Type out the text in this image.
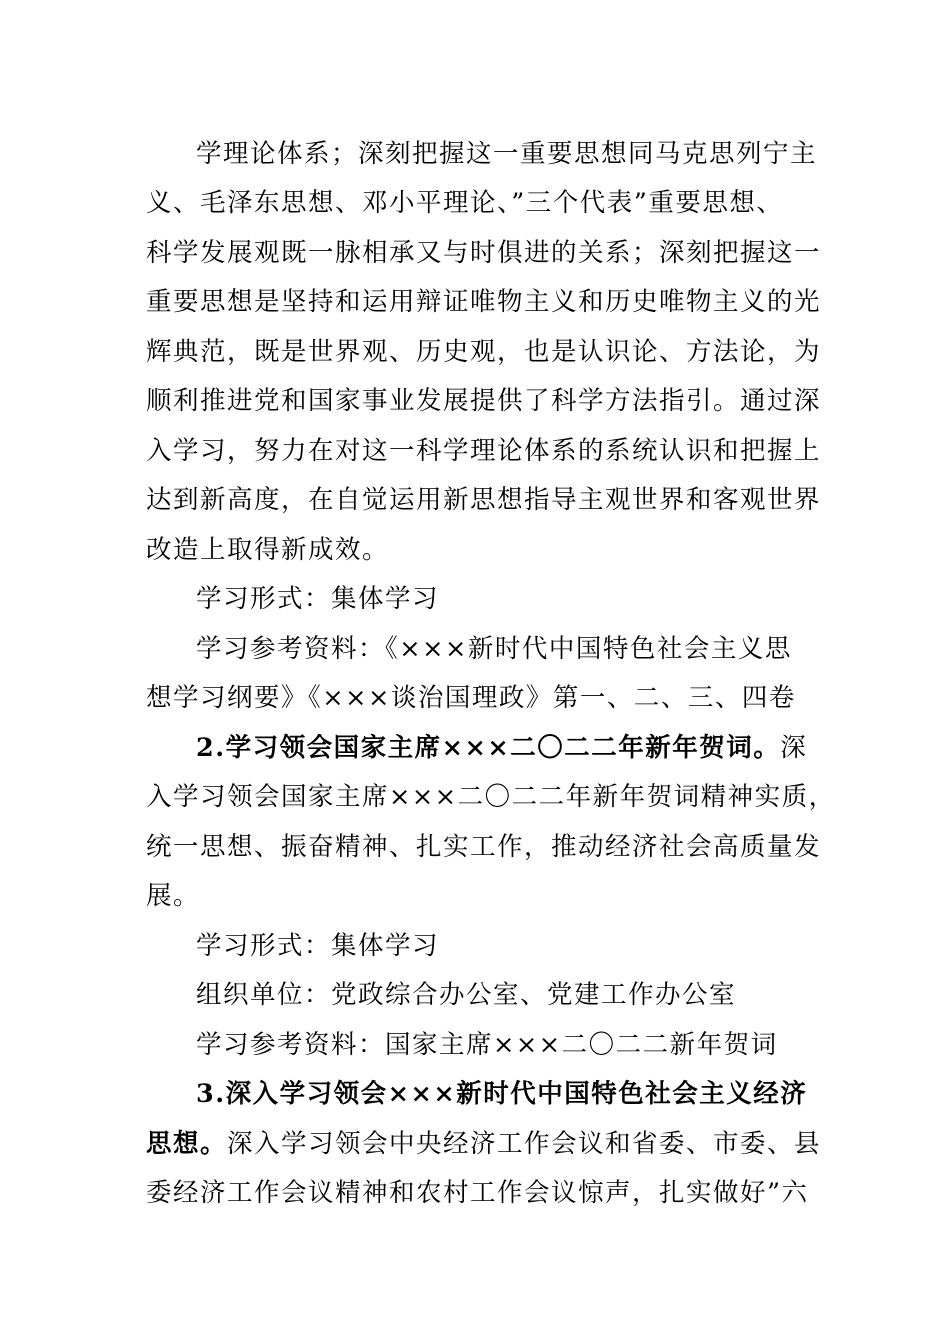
学理论体系；深刻把握这一重要思想同马克思列宁主
义、毛泽东思想、邓小平理论、”三个代表”重要思想、
科学发展观既一脉相承又与时俱进的关系；深刻把握这一
重要思想是坚持和运用辩证唯物主义和历史唯物主义的光
辉典范，既是世界观、历史观，也是认识论、方法论，为
顺利推进党和国家事业发展提供了科学方法指引。通过深
入学习，努力在对这一科学理论体系的系统认识和把握上
达到新高度，在自觉运用新思想指导主观世界和客观世界
改造上取得新成效。
学习形式：集体学习
学习参考资料：《×××新时代中国特色社会主义思
想学习纲要》《×××谈治国理政》第一、二、三、四卷
2.学习领会国家主席×××二〇二二年新年贺词。深
入学习领会国家主席×××二〇二二年新年贺词精神实质，
统一思想、振奋精神、扎实工作，推动经济社会高质量发
展。
学习形式：集体学习
组织单位：党政综合办公室、党建工作办公室
学习参考资料：国家主席×××二〇二二新年贺词
3.深入学习领会×××新时代中国特色社会主义经济
思想。深入学习领会中央经济工作会议和省委、市委、县
委经济工作会议精神和农村工作会议惊声，扎实做好”六
